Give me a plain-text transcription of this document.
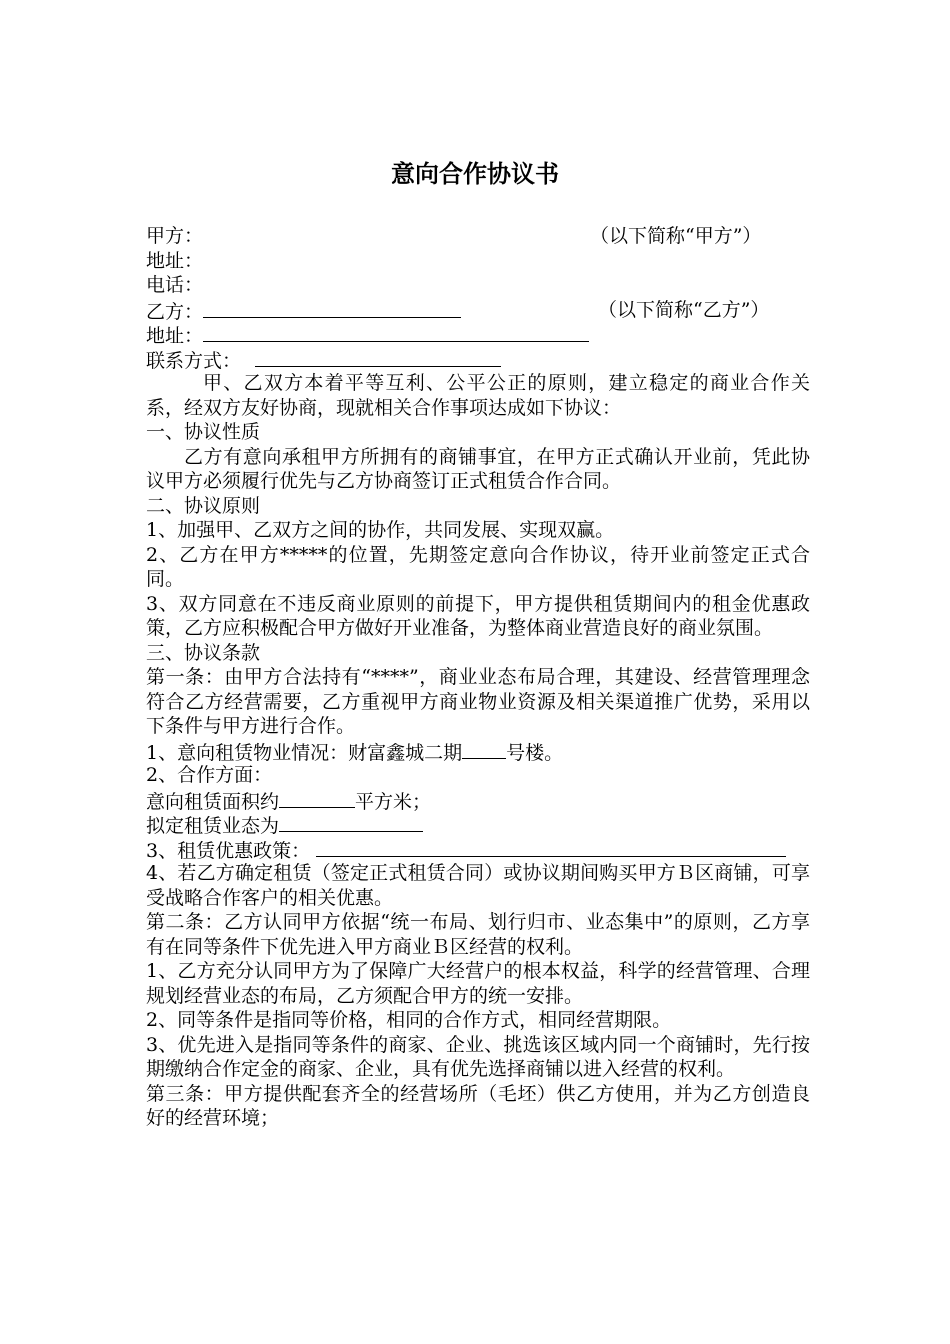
意向合作协议书
甲方：	（以下简称“甲方”）
地址：
电话：
乙方：	（以下简称“乙方”）
地址：
联系方式：
甲、乙双方本着平等互利、公平公正的原则，建立稳定的商业合作关系，经双方友好协商，现就相关合作事项达成如下协议：
一、协议性质
乙方有意向承租甲方所拥有的商铺事宜，在甲方正式确认开业前，凭此协议甲方必须履行优先与乙方协商签订正式租赁合作合同。
二、协议原则
1、加强甲、乙双方之间的协作，共同发展、实现双赢。
2、乙方在甲方*****的位置，先期签定意向合作协议，待开业前签定正式合同。
3、双方同意在不违反商业原则的前提下，甲方提供租赁期间内的租金优惠政策，乙方应积极配合甲方做好开业准备，为整体商业营造良好的商业氛围。
三、协议条款
第一条：由甲方合法持有“****”，商业业态布局合理，其建设、经营管理理念符合乙方经营需要，乙方重视甲方商业物业资源及相关渠道推广优势，采用以下条件与甲方进行合作。
1、意向租赁物业情况：财富鑫城二期 号楼。
2、合作方面：
意向租赁面积约	平方米；
拟定租赁业态为
3、租赁优惠政策：
4、若乙方确定租赁（签定正式租赁合同）或协议期间购买甲方Ｂ区商铺，可享受战略合作客户的相关优惠。
第二条：乙方认同甲方依据“统一布局、划行归市、业态集中”的原则，乙方享有在同等条件下优先进入甲方商业Ｂ区经营的权利。
1、乙方充分认同甲方为了保障广大经营户的根本权益，科学的经营管理、合理规划经营业态的布局，乙方须配合甲方的统一安排。
2、同等条件是指同等价格，相同的合作方式，相同经营期限。
3、优先进入是指同等条件的商家、企业、挑选该区域内同一个商铺时，先行按期缴纳合作定金的商家、企业，具有优先选择商铺以进入经营的权利。
第三条：甲方提供配套齐全的经营场所（毛坯）供乙方使用，并为乙方创造良好的经营环境；
